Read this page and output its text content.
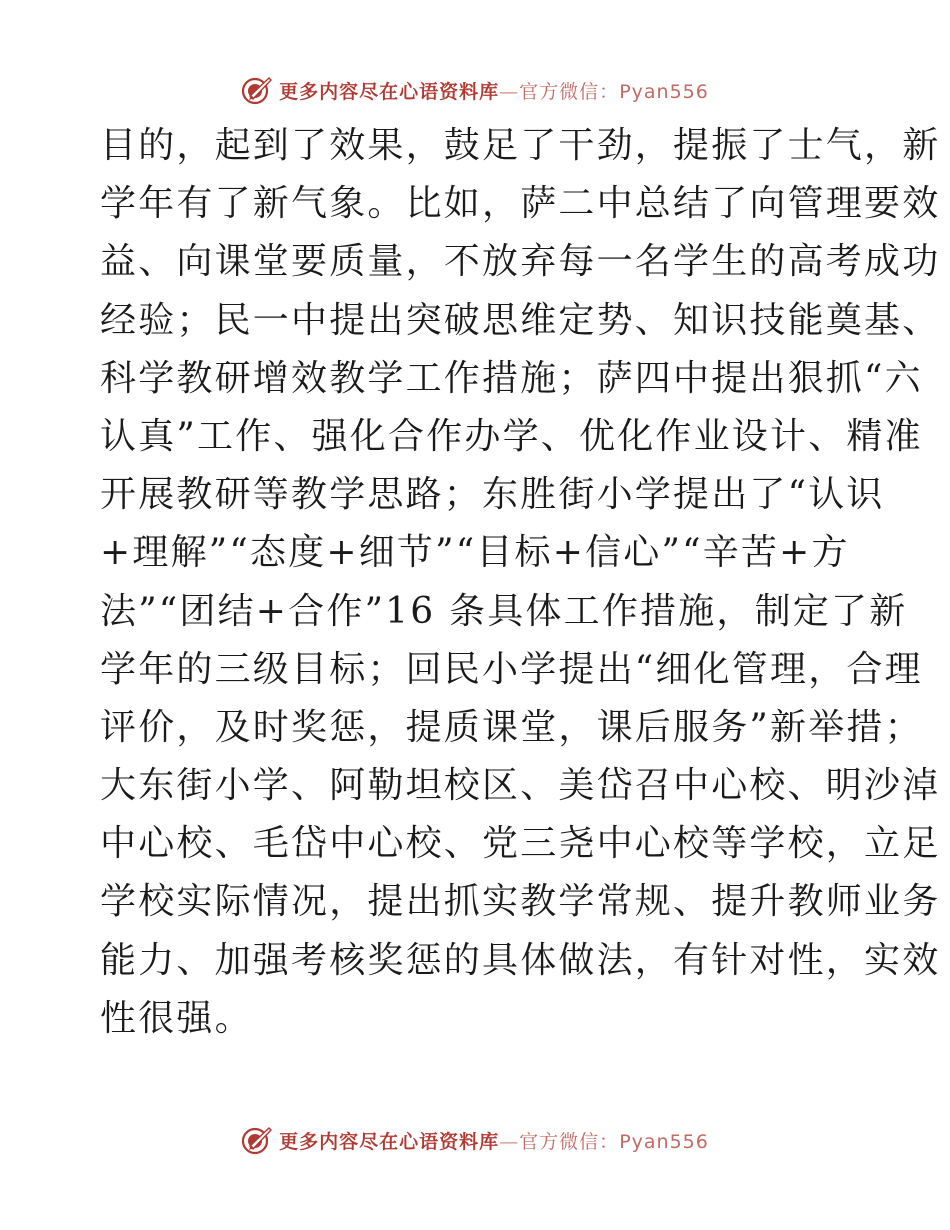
更多内容尽在心语资料库—官方微信：Pyan556
目的，起到了效果，鼓足了干劲，提振了士气，新
学年有了新气象。比如，萨二中总结了向管理要效
益、向课堂要质量，不放弃每一名学生的高考成功
经验；民一中提出突破思维定势、知识技能奠基、
科学教研增效教学工作措施；萨四中提出狠抓“六
认真”工作、强化合作办学、优化作业设计、精准
开展教研等教学思路；东胜街小学提出了“认识
+理解”“态度+细节”“目标+信心”“辛苦+方
法”“团结+合作”16 条具体工作措施，制定了新
学年的三级目标；回民小学提出“细化管理，合理
评价，及时奖惩，提质课堂，课后服务”新举措；
大东街小学、阿勒坦校区、美岱召中心校、明沙淖
中心校、毛岱中心校、党三尧中心校等学校，立足
学校实际情况，提出抓实教学常规、提升教师业务
能力、加强考核奖惩的具体做法，有针对性，实效
性很强。
更多内容尽在心语资料库—官方微信：Pyan556
